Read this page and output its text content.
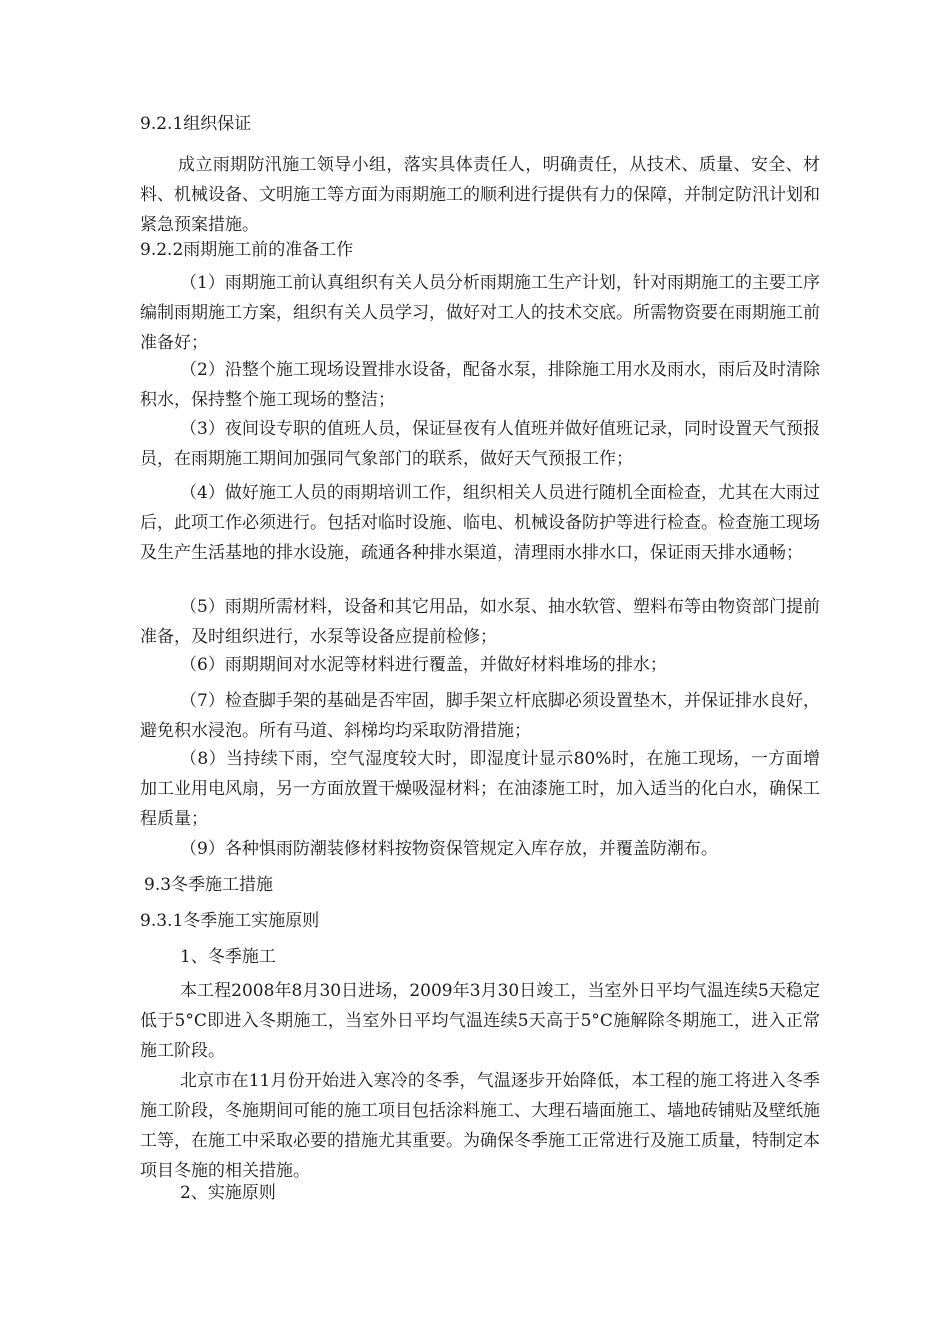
9.2.1组织保证
成立雨期防汛施工领导小组，落实具体责任人，明确责任，从技术、质量、安全、材料、机械设备、文明施工等方面为雨期施工的顺利进行提供有力的保障，并制定防汛计划和紧急预案措施。
9.2.2雨期施工前的准备工作
（1）雨期施工前认真组织有关人员分析雨期施工生产计划，针对雨期施工的主要工序编制雨期施工方案，组织有关人员学习，做好对工人的技术交底。所需物资要在雨期施工前准备好；
（2）沿整个施工现场设置排水设备，配备水泵，排除施工用水及雨水，雨后及时清除积水，保持整个施工现场的整洁；
（3）夜间设专职的值班人员，保证昼夜有人值班并做好值班记录，同时设置天气预报员，在雨期施工期间加强同气象部门的联系，做好天气预报工作；
（4）做好施工人员的雨期培训工作，组织相关人员进行随机全面检查，尤其在大雨过后，此项工作必须进行。包括对临时设施、临电、机械设备防护等进行检查。检查施工现场及生产生活基地的排水设施，疏通各种排水渠道，清理雨水排水口，保证雨天排水通畅；
（5）雨期所需材料，设备和其它用品，如水泵、抽水软管、塑料布等由物资部门提前准备，及时组织进行，水泵等设备应提前检修；
（6）雨期期间对水泥等材料进行覆盖，并做好材料堆场的排水；
（7）检查脚手架的基础是否牢固，脚手架立杆底脚必须设置垫木，并保证排水良好，避免积水浸泡。所有马道、斜梯均均采取防滑措施；
（8）当持续下雨，空气湿度较大时，即湿度计显示80%时，在施工现场，一方面增加工业用电风扇，另一方面放置干燥吸湿材料；在油漆施工时，加入适当的化白水，确保工程质量；
（9）各种惧雨防潮装修材料按物资保管规定入库存放，并覆盖防潮布。
9.3冬季施工措施
9.3.1冬季施工实施原则
1、冬季施工
本工程2008年8月30日进场，2009年3月30日竣工，当室外日平均气温连续5天稳定低于5°C即进入冬期施工，当室外日平均气温连续5天高于5°C施解除冬期施工，进入正常施工阶段。
北京市在11月份开始进入寒冷的冬季，气温逐步开始降低，本工程的施工将进入冬季施工阶段，冬施期间可能的施工项目包括涂料施工、大理石墙面施工、墙地砖铺贴及壁纸施工等，在施工中采取必要的措施尤其重要。为确保冬季施工正常进行及施工质量，特制定本项目冬施的相关措施。
2、实施原则
